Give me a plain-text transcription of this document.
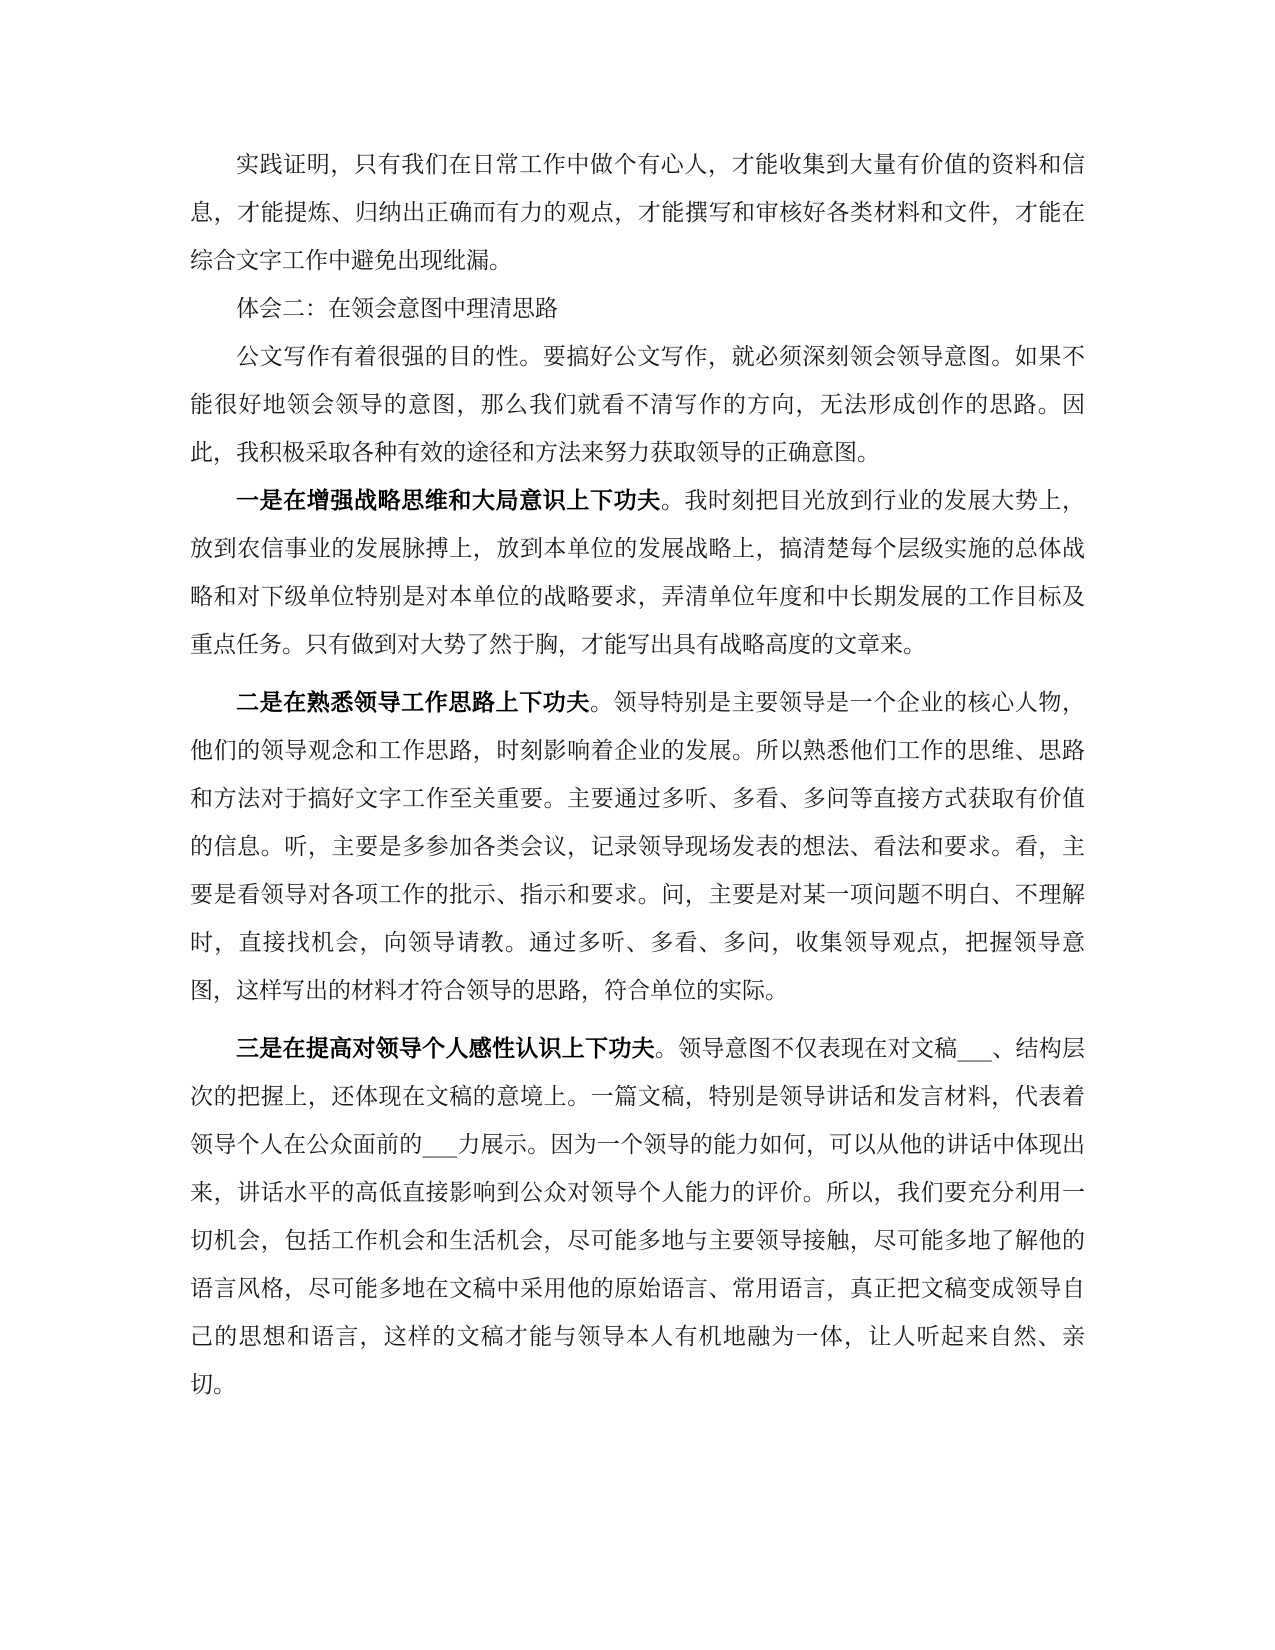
实践证明，只有我们在日常工作中做个有心人，才能收集到大量有价值的资料和信息，才能提炼、归纳出正确而有力的观点，才能撰写和审核好各类材料和文件，才能在综合文字工作中避免出现纰漏。

体会二：在领会意图中理清思路

公文写作有着很强的目的性。要搞好公文写作，就必须深刻领会领导意图。如果不能很好地领会领导的意图，那么我们就看不清写作的方向，无法形成创作的思路。因此，我积极采取各种有效的途径和方法来努力获取领导的正确意图。

一是在增强战略思维和大局意识上下功夫。我时刻把目光放到行业的发展大势上，放到农信事业的发展脉搏上，放到本单位的发展战略上，搞清楚每个层级实施的总体战略和对下级单位特别是对本单位的战略要求，弄清单位年度和中长期发展的工作目标及重点任务。只有做到对大势了然于胸，才能写出具有战略高度的文章来。

二是在熟悉领导工作思路上下功夫。领导特别是主要领导是一个企业的核心人物，他们的领导观念和工作思路，时刻影响着企业的发展。所以熟悉他们工作的思维、思路和方法对于搞好文字工作至关重要。主要通过多听、多看、多问等直接方式获取有价值的信息。听，主要是多参加各类会议，记录领导现场发表的想法、看法和要求。看，主要是看领导对各项工作的批示、指示和要求。问，主要是对某一项问题不明白、不理解时，直接找机会，向领导请教。通过多听、多看、多问，收集领导观点，把握领导意图，这样写出的材料才符合领导的思路，符合单位的实际。

三是在提高对领导个人感性认识上下功夫。领导意图不仅表现在对文稿___、结构层次的把握上，还体现在文稿的意境上。一篇文稿，特别是领导讲话和发言材料，代表着领导个人在公众面前的___力展示。因为一个领导的能力如何，可以从他的讲话中体现出来，讲话水平的高低直接影响到公众对领导个人能力的评价。所以，我们要充分利用一切机会，包括工作机会和生活机会，尽可能多地与主要领导接触，尽可能多地了解他的语言风格，尽可能多地在文稿中采用他的原始语言、常用语言，真正把文稿变成领导自己的思想和语言，这样的文稿才能与领导本人有机地融为一体，让人听起来自然、亲切。
